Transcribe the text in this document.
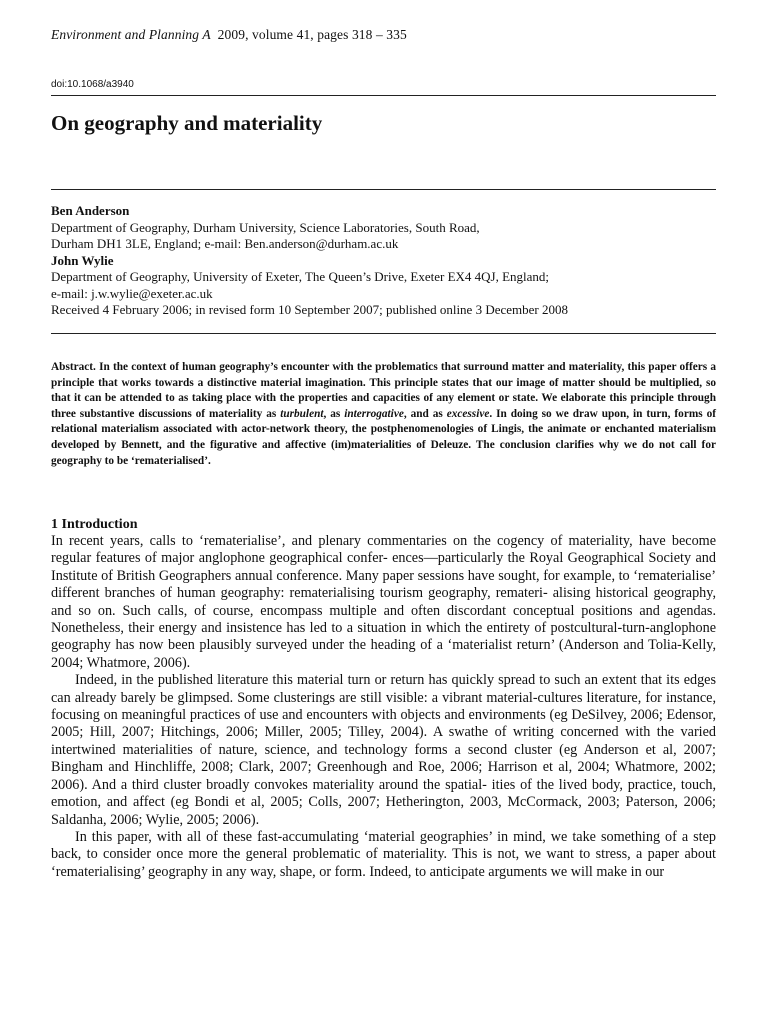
Environment and Planning A 2009, volume 41, pages 318 – 335
doi:10.1068/a3940
On geography and materiality
Ben Anderson
Department of Geography, Durham University, Science Laboratories, South Road,
Durham DH1 3LE, England; e-mail: Ben.anderson@durham.ac.uk
John Wylie
Department of Geography, University of Exeter, The Queen’s Drive, Exeter EX4 4QJ, England;
e-mail: j.w.wylie@exeter.ac.uk
Received 4 February 2006; in revised form 10 September 2007; published online 3 December 2008

Abstract. In the context of human geography’s encounter with the problematics that surround matter and materiality, this paper offers a principle that works towards a distinctive material imagination. This principle states that our image of matter should be multiplied, so that it can be attended to as taking place with the properties and capacities of any element or state. We elaborate this principle through three substantive discussions of materiality as turbulent, as interrogative, and as excessive. In doing so we draw upon, in turn, forms of relational materialism associated with actor-network theory, the postphenomenologies of Lingis, the animate or enchanted materialism developed by Bennett, and the figurative and affective (im)materialities of Deleuze. The conclusion clarifies why we do not call for geography to be ‘rematerialised’.

1 Introduction

In recent years, calls to ‘rematerialise’, and plenary commentaries on the cogency of materiality, have become regular features of major anglophone geographical confer- ences—particularly the Royal Geographical Society and Institute of British Geographers annual conference. Many paper sessions have sought, for example, to ‘rematerialise’ different branches of human geography: rematerialising tourism geography, remateri- alising historical geography, and so on. Such calls, of course, encompass multiple and often discordant conceptual positions and agendas. Nonetheless, their energy and insistence has led to a situation in which the entirety of postcultural-turn-anglophone geography has now been plausibly surveyed under the heading of a ‘materialist return’ (Anderson and Tolia-Kelly, 2004; Whatmore, 2006).

Indeed, in the published literature this material turn or return has quickly spread to such an extent that its edges can already barely be glimpsed. Some clusterings are still visible: a vibrant material-cultures literature, for instance, focusing on meaningful practices of use and encounters with objects and environments (eg DeSilvey, 2006; Edensor, 2005; Hill, 2007; Hitchings, 2006; Miller, 2005; Tilley, 2004). A swathe of writing concerned with the varied intertwined materialities of nature, science, and technology forms a second cluster (eg Anderson et al, 2007; Bingham and Hinchliffe, 2008; Clark, 2007; Greenhough and Roe, 2006; Harrison et al, 2004; Whatmore, 2002; 2006). And a third cluster broadly convokes materiality around the spatial- ities of the lived body, practice, touch, emotion, and affect (eg Bondi et al, 2005; Colls, 2007; Hetherington, 2003, McCormack, 2003; Paterson, 2006; Saldanha, 2006; Wylie, 2005; 2006).

In this paper, with all of these fast-accumulating ‘material geographies’ in mind, we take something of a step back, to consider once more the general problematic of materiality. This is not, we want to stress, a paper about ‘rematerialising’ geography in any way, shape, or form. Indeed, to anticipate arguments we will make in our
